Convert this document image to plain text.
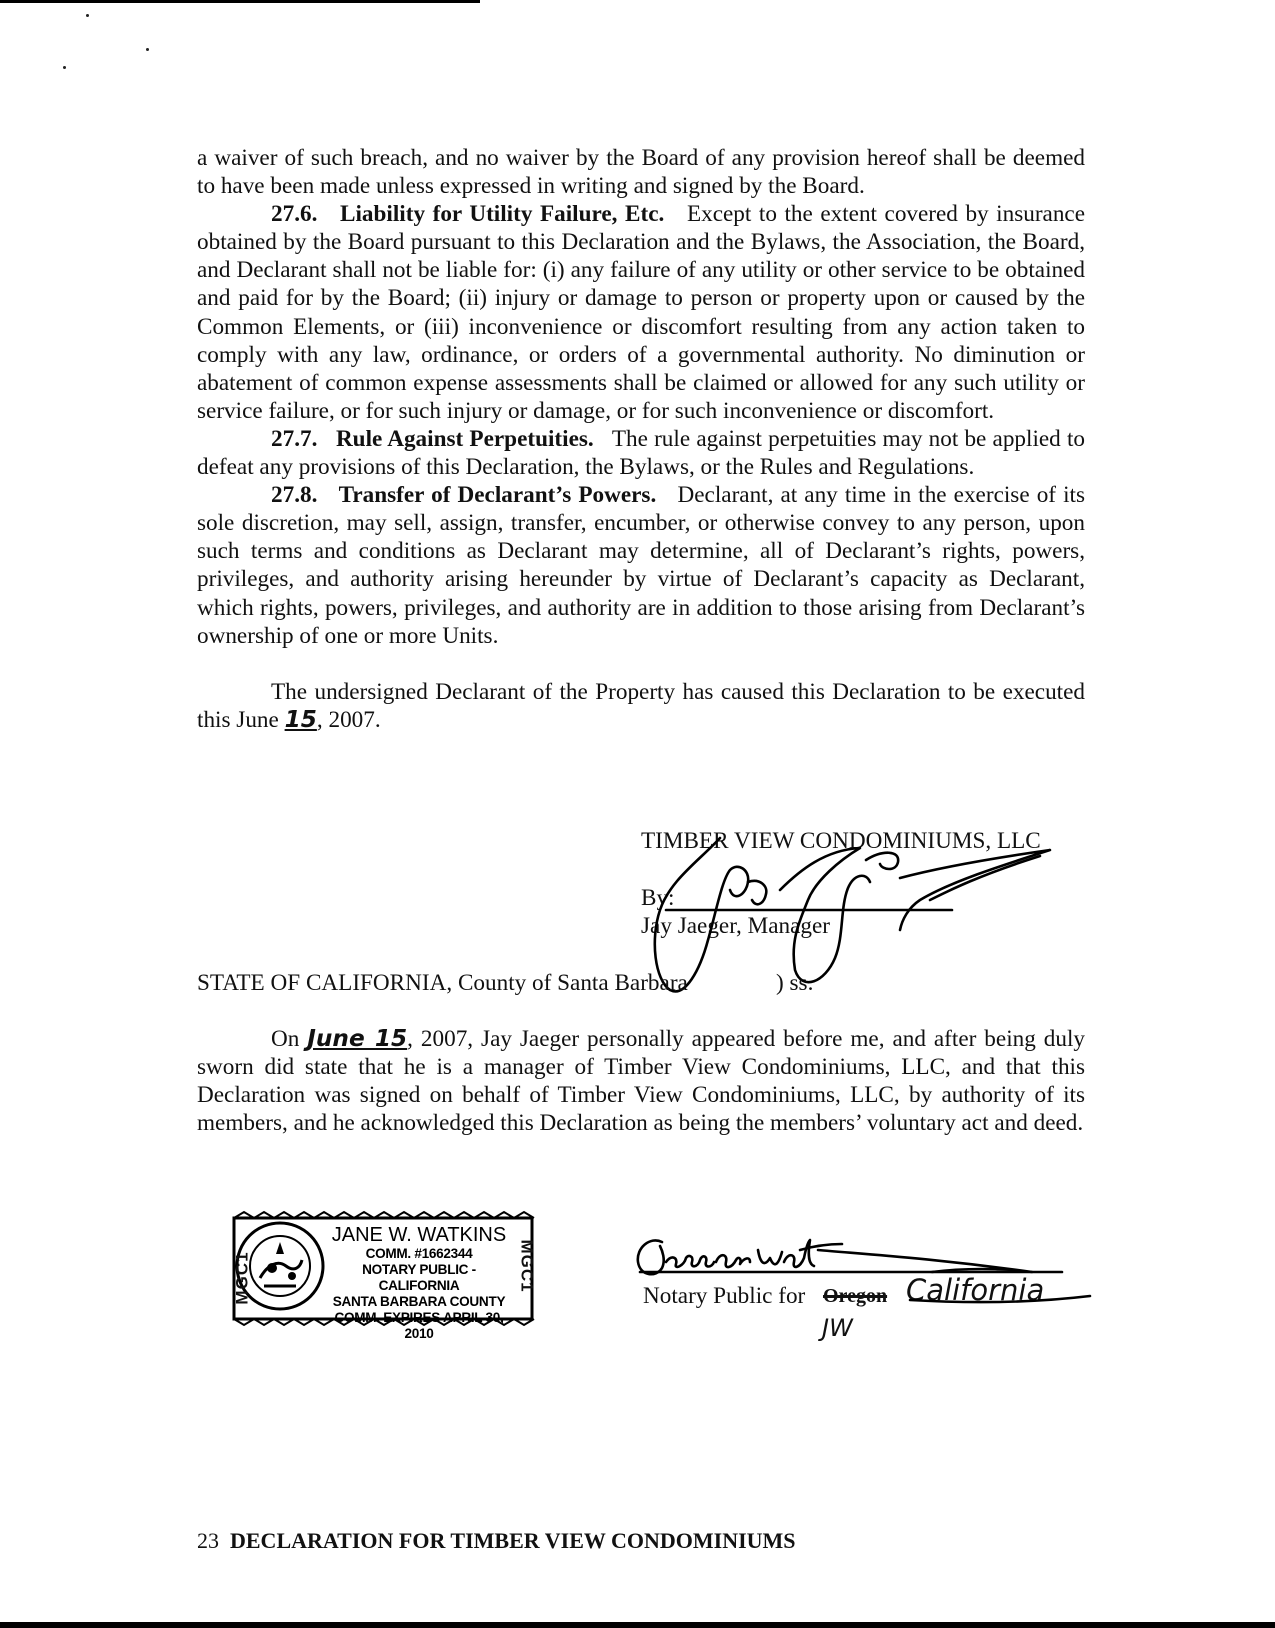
a waiver of such breach, and no waiver by the Board of any provision hereof shall be deemed to have been made unless expressed in writing and signed by the Board.

27.6. Liability for Utility Failure, Etc. Except to the extent covered by insurance obtained by the Board pursuant to this Declaration and the Bylaws, the Association, the Board, and Declarant shall not be liable for: (i) any failure of any utility or other service to be obtained and paid for by the Board; (ii) injury or damage to person or property upon or caused by the Common Elements, or (iii) inconvenience or discomfort resulting from any action taken to comply with any law, ordinance, or orders of a governmental authority. No diminution or abatement of common expense assessments shall be claimed or allowed for any such utility or service failure, or for such injury or damage, or for such inconvenience or discomfort.

27.7. Rule Against Perpetuities. The rule against perpetuities may not be applied to defeat any provisions of this Declaration, the Bylaws, or the Rules and Regulations.

27.8. Transfer of Declarant’s Powers. Declarant, at any time in the exercise of its sole discretion, may sell, assign, transfer, encumber, or otherwise convey to any person, upon such terms and conditions as Declarant may determine, all of Declarant’s rights, powers, privileges, and authority arising hereunder by virtue of Declarant’s capacity as Declarant, which rights, powers, privileges, and authority are in addition to those arising from Declarant’s ownership of one or more Units.

The undersigned Declarant of the Property has caused this Declaration to be executed this June 15, 2007.

TIMBER VIEW CONDOMINIUMS, LLC
By:
Jay Jaeger, Manager
STATE OF CALIFORNIA, County of Santa Barbara	) ss.

On June 15, 2007, Jay Jaeger personally appeared before me, and after being duly sworn did state that he is a manager of Timber View Condominiums, LLC, and that this Declaration was signed on behalf of Timber View Condominiums, LLC, by authority of its members, and he acknowledged this Declaration as being the members’ voluntary act and deed.

JANE W. WATKINS
COMM. #1662344
NOTARY PUBLIC - CALIFORNIA
SANTA BARBARA COUNTY
COMM. EXPIRES APRIL 30, 2010
MGC1	MGC1
Notary Public for Oregon California
JW
23 DECLARATION FOR TIMBER VIEW CONDOMINIUMS
